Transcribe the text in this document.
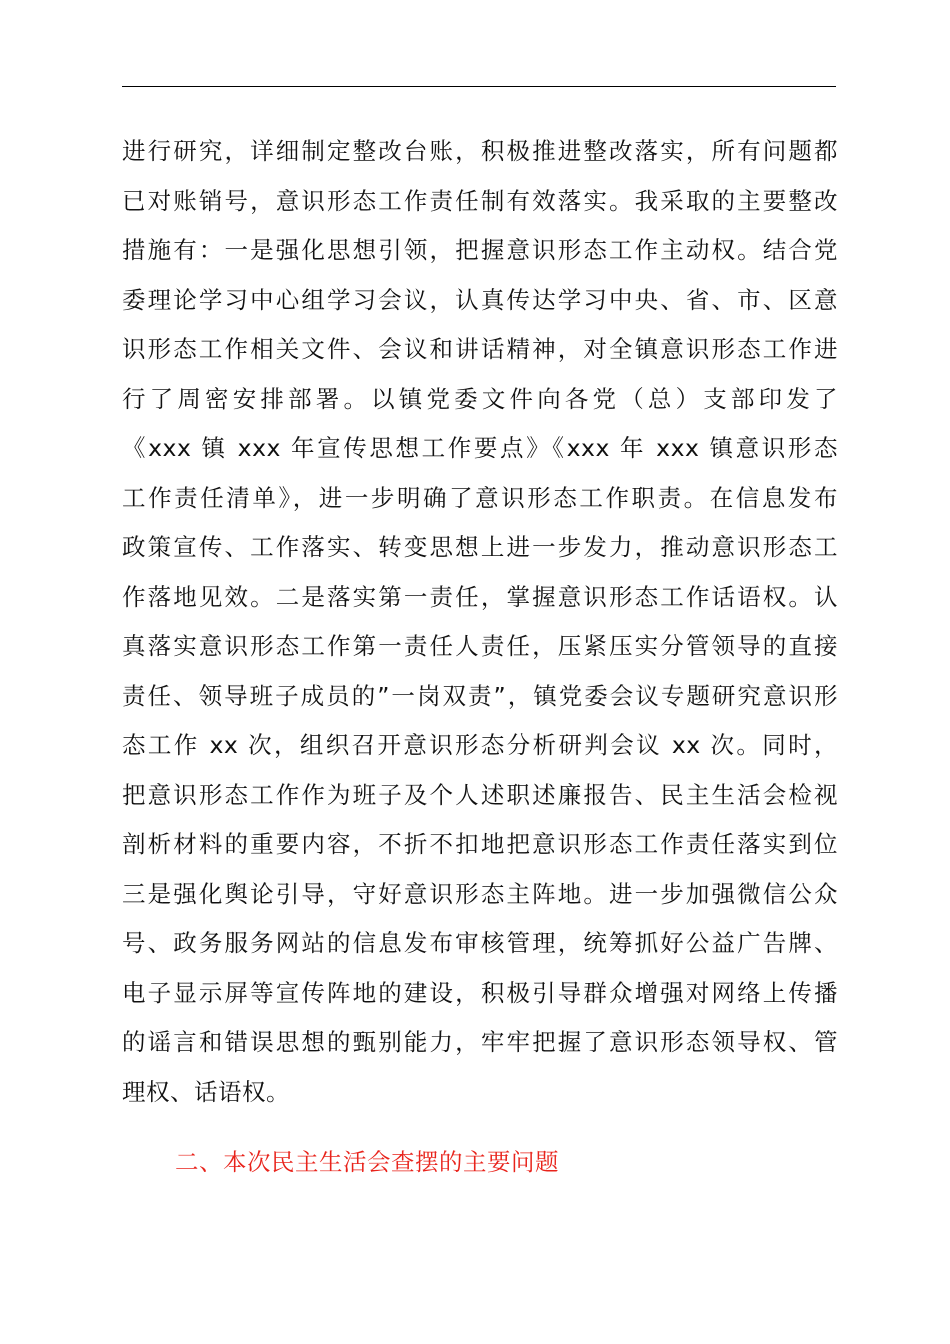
进行研究，详细制定整改台账，积极推进整改落实，所有问题都
已对账销号，意识形态工作责任制有效落实。我采取的主要整改
措施有：一是强化思想引领，把握意识形态工作主动权。结合党
委理论学习中心组学习会议，认真传达学习中央、省、市、区意
识形态工作相关文件、会议和讲话精神，对全镇意识形态工作进
行了周密安排部署。以镇党委文件向各党（总）支部印发了
《xxx 镇 xxx 年宣传思想工作要点》《xxx 年 xxx 镇意识形态
工作责任清单》，进一步明确了意识形态工作职责。在信息发布
政策宣传、工作落实、转变思想上进一步发力，推动意识形态工
作落地见效。二是落实第一责任，掌握意识形态工作话语权。认
真落实意识形态工作第一责任人责任，压紧压实分管领导的直接
责任、领导班子成员的”一岗双责”，镇党委会议专题研究意识形
态工作 xx 次，组织召开意识形态分析研判会议 xx 次。同时，
把意识形态工作作为班子及个人述职述廉报告、民主生活会检视
剖析材料的重要内容，不折不扣地把意识形态工作责任落实到位
三是强化舆论引导，守好意识形态主阵地。进一步加强微信公众
号、政务服务网站的信息发布审核管理，统筹抓好公益广告牌、
电子显示屏等宣传阵地的建设，积极引导群众增强对网络上传播
的谣言和错误思想的甄别能力，牢牢把握了意识形态领导权、管
理权、话语权。
二、本次民主生活会查摆的主要问题
